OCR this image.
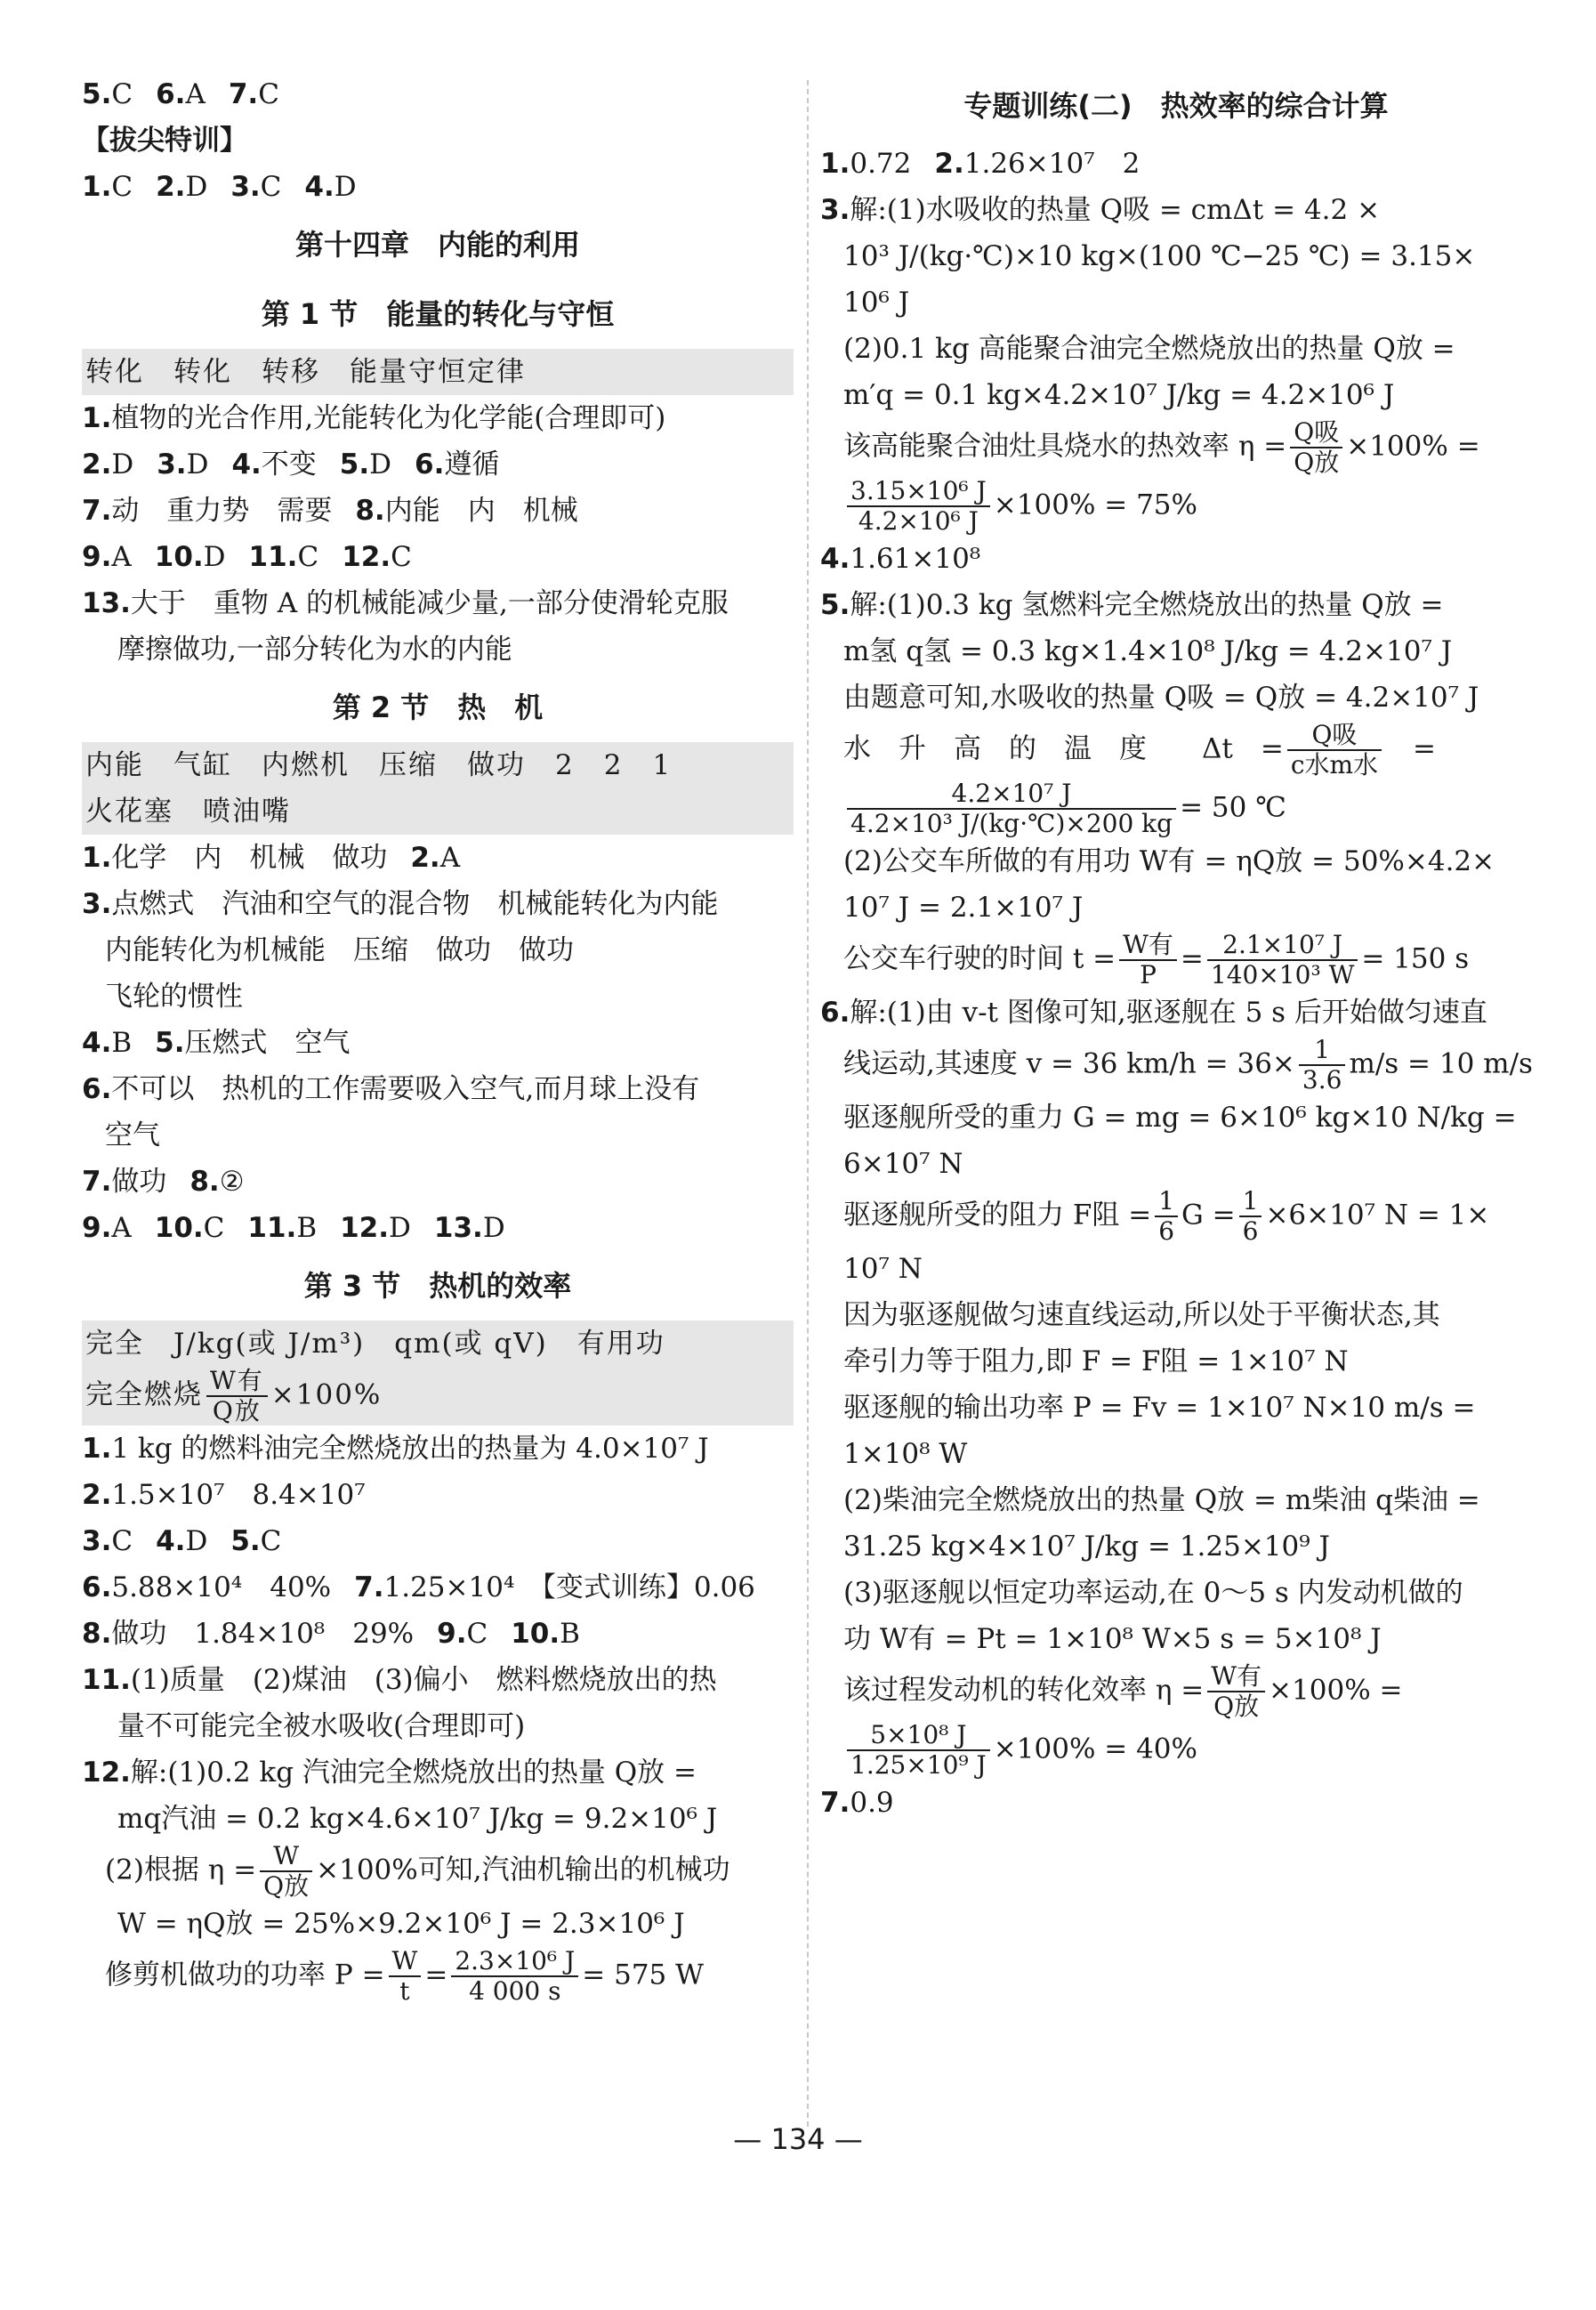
5.C 6.A 7.C
【拔尖特训】
1.C 2.D 3.C 4.D
第十四章　内能的利用
第 1 节　能量的转化与守恒
转化　转化　转移　能量守恒定律
1.植物的光合作用,光能转化为化学能(合理即可)
2.D 3.D 4.不变 5.D 6.遵循
7.动　重力势　需要 8.内能　内　机械
9.A 10.D 11.C 12.C
13.大于　重物 A 的机械能减少量,一部分使滑轮克服
摩擦做功,一部分转化为水的内能
第 2 节　热　机
内能　气缸　内燃机　压缩　做功　2　2　1
火花塞　喷油嘴
1.化学　内　机械　做功 2.A
3.点燃式　汽油和空气的混合物　机械能转化为内能
内能转化为机械能　压缩　做功　做功
飞轮的惯性
4.B 5.压燃式　空气
6.不可以　热机的工作需要吸入空气,而月球上没有
空气
7.做功 8.②
9.A 10.C 11.B 12.D 13.D
第 3 节　热机的效率
完全　J/kg(或 J/m³)　qm(或 qV)　有用功
完全燃烧 $\frac{\text{W有}}{\text{Q放}} \times 100\%$
1.1 kg 的燃料油完全燃烧放出的热量为 4.0×10⁷ J
2.1.5×10⁷　8.4×10⁷
3.C 4.D 5.C
6.5.88×10⁴　40% 7.1.25×10⁴　【变式训练】0.06
8.做功　1.84×10⁸　29% 9.C 10.B
11.(1)质量　(2)煤油　(3)偏小　燃料燃烧放出的热
量不可能完全被水吸收(合理即可)
12.解:(1)0.2 kg 汽油完全燃烧放出的热量 Q放 =
mq汽油 = 0.2 kg×4.6×10⁷ J/kg = 9.2×10⁶ J
(2)根据 $\eta = \frac{W}{\text{Q放}} \times 100\%$可知,汽油机输出的机械功
W = ηQ放 = 25%×9.2×10⁶ J = 2.3×10⁶ J
修剪机做功的功率 $P = \frac{W}{t} = \frac{\text{2.3×10⁶ J}}{4 000 s} = 575$ W
专题训练(二)　热效率的综合计算
1.0.72 2.1.26×10⁷　2
3.解:(1)水吸收的热量 Q吸 = cmΔt = 4.2 ×
10³ J/(kg·℃)×10 kg×(100 ℃−25 ℃) = 3.15×
10⁶ J
(2)0.1 kg 高能聚合油完全燃烧放出的热量 Q放 =
m′q = 0.1 kg×4.2×10⁷ J/kg = 4.2×10⁶ J
该高能聚合油灶具烧水的热效率 $\eta = \frac{\text{Q吸}}{\text{Q放}} \times 100\%$ =
$\frac{\text{3.15×10⁶ J}}{\text{4.2×10⁶ J}} \times 100\% = 75\%$
4.1.61×10⁸
5.解:(1)0.3 kg 氢燃料完全燃烧放出的热量 Q放 =
m氢 q氢 = 0.3 kg×1.4×10⁸ J/kg = 4.2×10⁷ J
由题意可知,水吸收的热量 Q吸 = Q放 = 4.2×10⁷ J
水　升　高　的　温　度　　Δt　= $\frac{\text{Q吸}}{\text{c水m水}}$ 　=
$\frac{\text{4.2×10⁷ J}}{\text{4.2×10³ J/(kg·℃)×200 kg}} = 50$ ℃
(2)公交车所做的有用功 W有 = ηQ放 = 50%×4.2×
10⁷ J = 2.1×10⁷ J
公交车行驶的时间 $t = \frac{\text{W有}}{P} = \frac{\text{2.1×10⁷ J}}{\text{140×10³ W}} = 150$ s
6.解:(1)由 v-t 图像可知,驱逐舰在 5 s 后开始做匀速直
线运动,其速度 v = 36 $km/h = 36\times \frac{1}{3.6} m/s = 10$ m/s
驱逐舰所受的重力 G = mg = 6×10⁶ kg×10 N/kg =
6×10⁷ N
驱逐舰所受的阻力 F阻 = $\frac{1}{6}$ $G = \frac{1}{6} \times 6\times 10^7$ N = 1×
10⁷ N
因为驱逐舰做匀速直线运动,所以处于平衡状态,其
牵引力等于阻力,即 F = F阻 = 1×10⁷ N
驱逐舰的输出功率 P = Fv = 1×10⁷ N×10 m/s =
1×10⁸ W
(2)柴油完全燃烧放出的热量 Q放 = m柴油 q柴油 =
31.25 kg×4×10⁷ J/kg = 1.25×10⁹ J
(3)驱逐舰以恒定功率运动,在 0～5 s 内发动机做的
功 W有 = Pt = 1×10⁸ W×5 s = 5×10⁸ J
该过程发动机的转化效率 $\eta = \frac{\text{W有}}{\text{Q放}} \times 100\%$ =
$\frac{\text{5×10⁸ J}}{\text{1.25×10⁹ J}} \times 100\% = 40\%$
7.0.9
— 134 —
